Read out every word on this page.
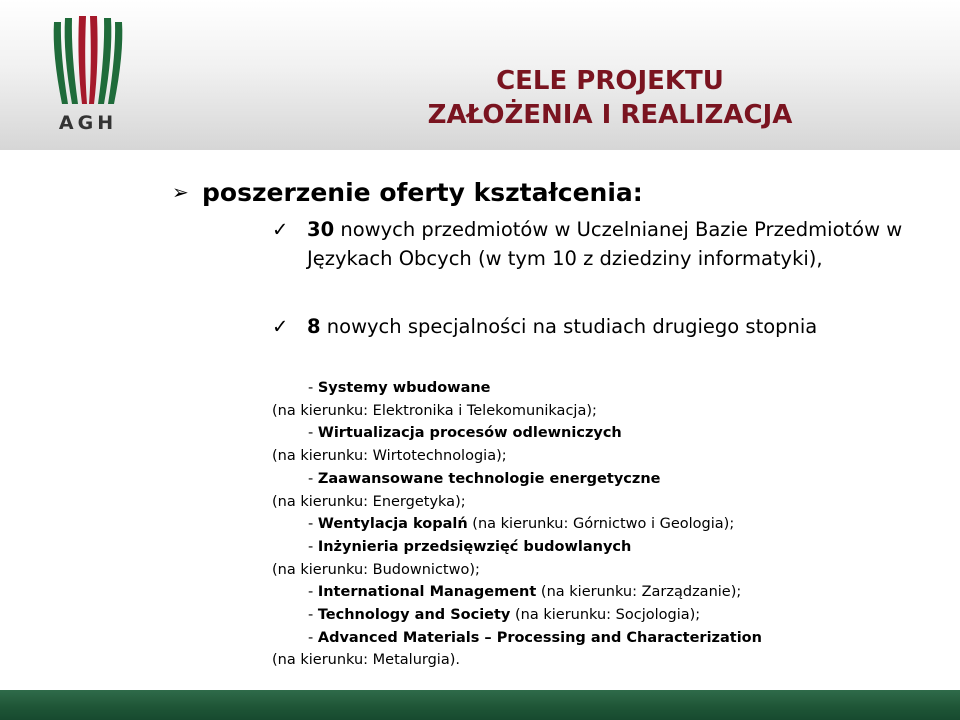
AGH
CELE PROJEKTU
ZAŁOŻENIA I REALIZACJA
➢ poszerzenie oferty kształcenia:
✓ 30 nowych przedmiotów w Uczelnianej Bazie Przedmiotów w Językach Obcych (w tym 10 z dziedziny informatyki),
✓ 8 nowych specjalności na studiach drugiego stopnia
- Systemy wbudowane
(na kierunku: Elektronika i Telekomunikacja);
- Wirtualizacja procesów odlewniczych
(na kierunku: Wirtotechnologia);
- Zaawansowane technologie energetyczne
(na kierunku: Energetyka);
- Wentylacja kopalń (na kierunku: Górnictwo i Geologia);
- Inżynieria przedsięwzięć budowlanych
(na kierunku: Budownictwo);
- International Management (na kierunku: Zarządzanie);
- Technology and Society (na kierunku: Socjologia);
- Advanced Materials – Processing and Characterization
(na kierunku: Metalurgia).
